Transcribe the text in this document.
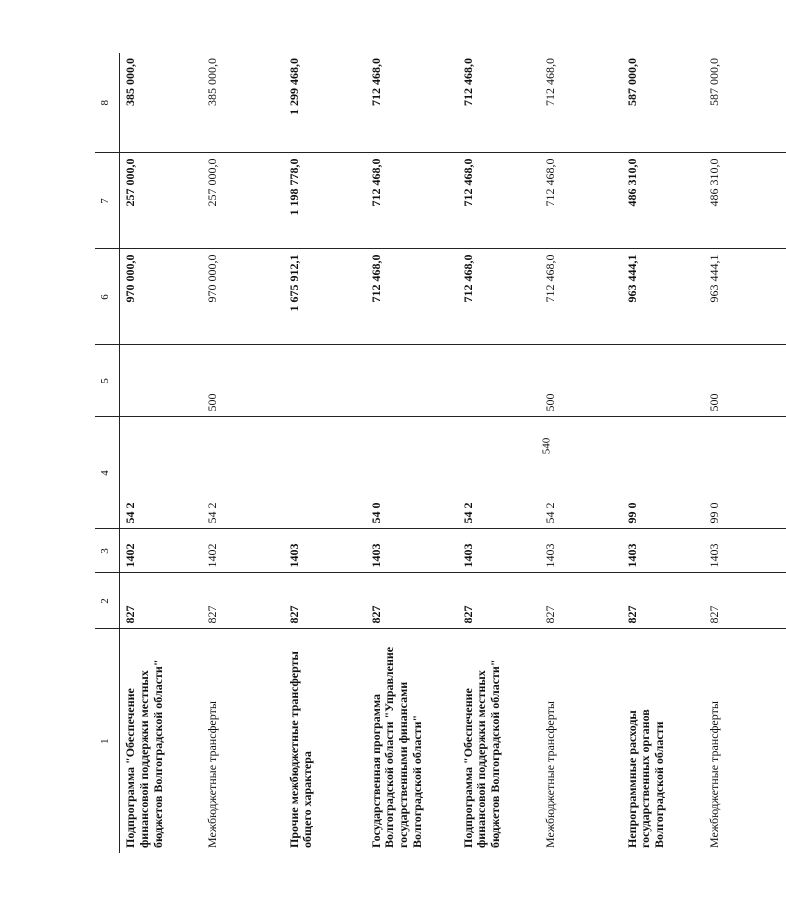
540
1	2	3	4	5	6	7	8
Подпрограмма "Обеспечение финансовой поддержки местных бюджетов Волгоградской области"	827	1402	54 2		970 000,0	257 000,0	385 000,0
Межбюджетные трансферты	827	1402	54 2	500	970 000,0	257 000,0	385 000,0
Прочие межбюджетные трансферты общего характера	827	1403			1 675 912,1	1 198 778,0	1 299 468,0
Государственная программа Волгоградской области "Управление государственными финансами Волгоградской области"	827	1403	54 0		712 468,0	712 468,0	712 468,0
Подпрограмма "Обеспечение финансовой поддержки местных бюджетов Волгоградской области"	827	1403	54 2		712 468,0	712 468,0	712 468,0
Межбюджетные трансферты	827	1403	54 2	500	712 468,0	712 468,0	712 468,0
Непрограммные расходы государственных органов Волгоградской области	827	1403	99 0		963 444,1	486 310,0	587 000,0
Межбюджетные трансферты	827	1403	99 0	500	963 444,1	486 310,0	587 000,0
